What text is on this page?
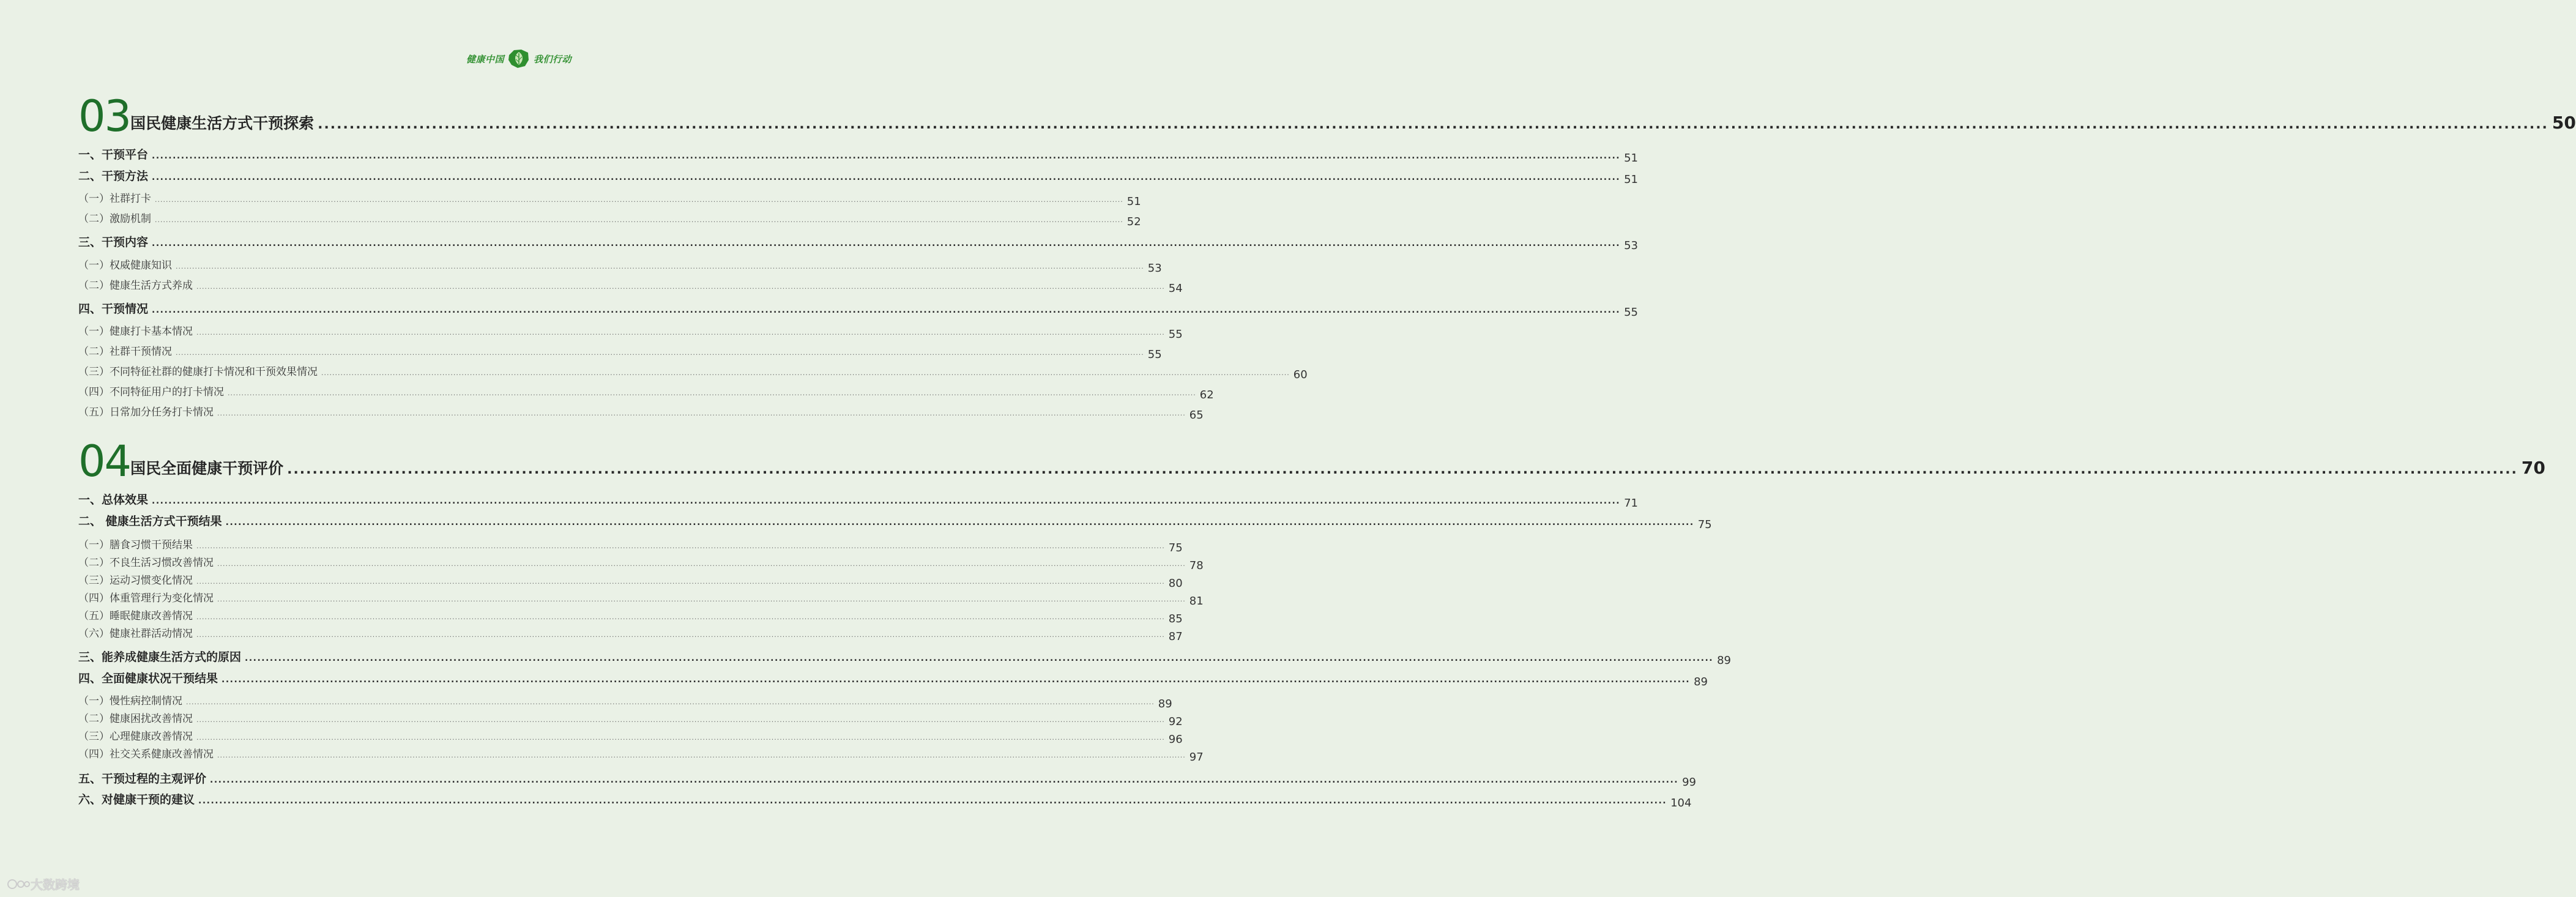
健康中国	我们行动
03 国民健康生活方式干预探索 .....	50
一、干预平台 .....	51
二、干预方法 .....	51
（一）社群打卡 .....	51
（二）激励机制 .....	52
三、干预内容 .....	53
（一）权威健康知识 .....	53
（二）健康生活方式养成 .....	54
四、干预情况 .....	55
（一）健康打卡基本情况 .....	55
（二）社群干预情况 .....	55
（三）不同特征社群的健康打卡情况和干预效果情况 .....	60
（四）不同特征用户的打卡情况 .....	62
（五）日常加分任务打卡情况 .....	65
04 国民全面健康干预评价 .....	70
一、总体效果 .....	71
二、 健康生活方式干预结果 .....	75
（一）膳食习惯干预结果 .....	75
（二）不良生活习惯改善情况 .....	78
（三）运动习惯变化情况 .....	80
（四）体重管理行为变化情况 .....	81
（五）睡眠健康改善情况 .....	85
（六）健康社群活动情况 .....	87
三、能养成健康生活方式的原因 .....	89
四、全面健康状况干预结果 .....	89
（一）慢性病控制情况 .....	89
（二）健康困扰改善情况 .....	92
（三）心理健康改善情况 .....	96
（四）社交关系健康改善情况 .....	97
五、干预过程的主观评价 .....	99
六、对健康干预的建议 .....	104
大数跨境
